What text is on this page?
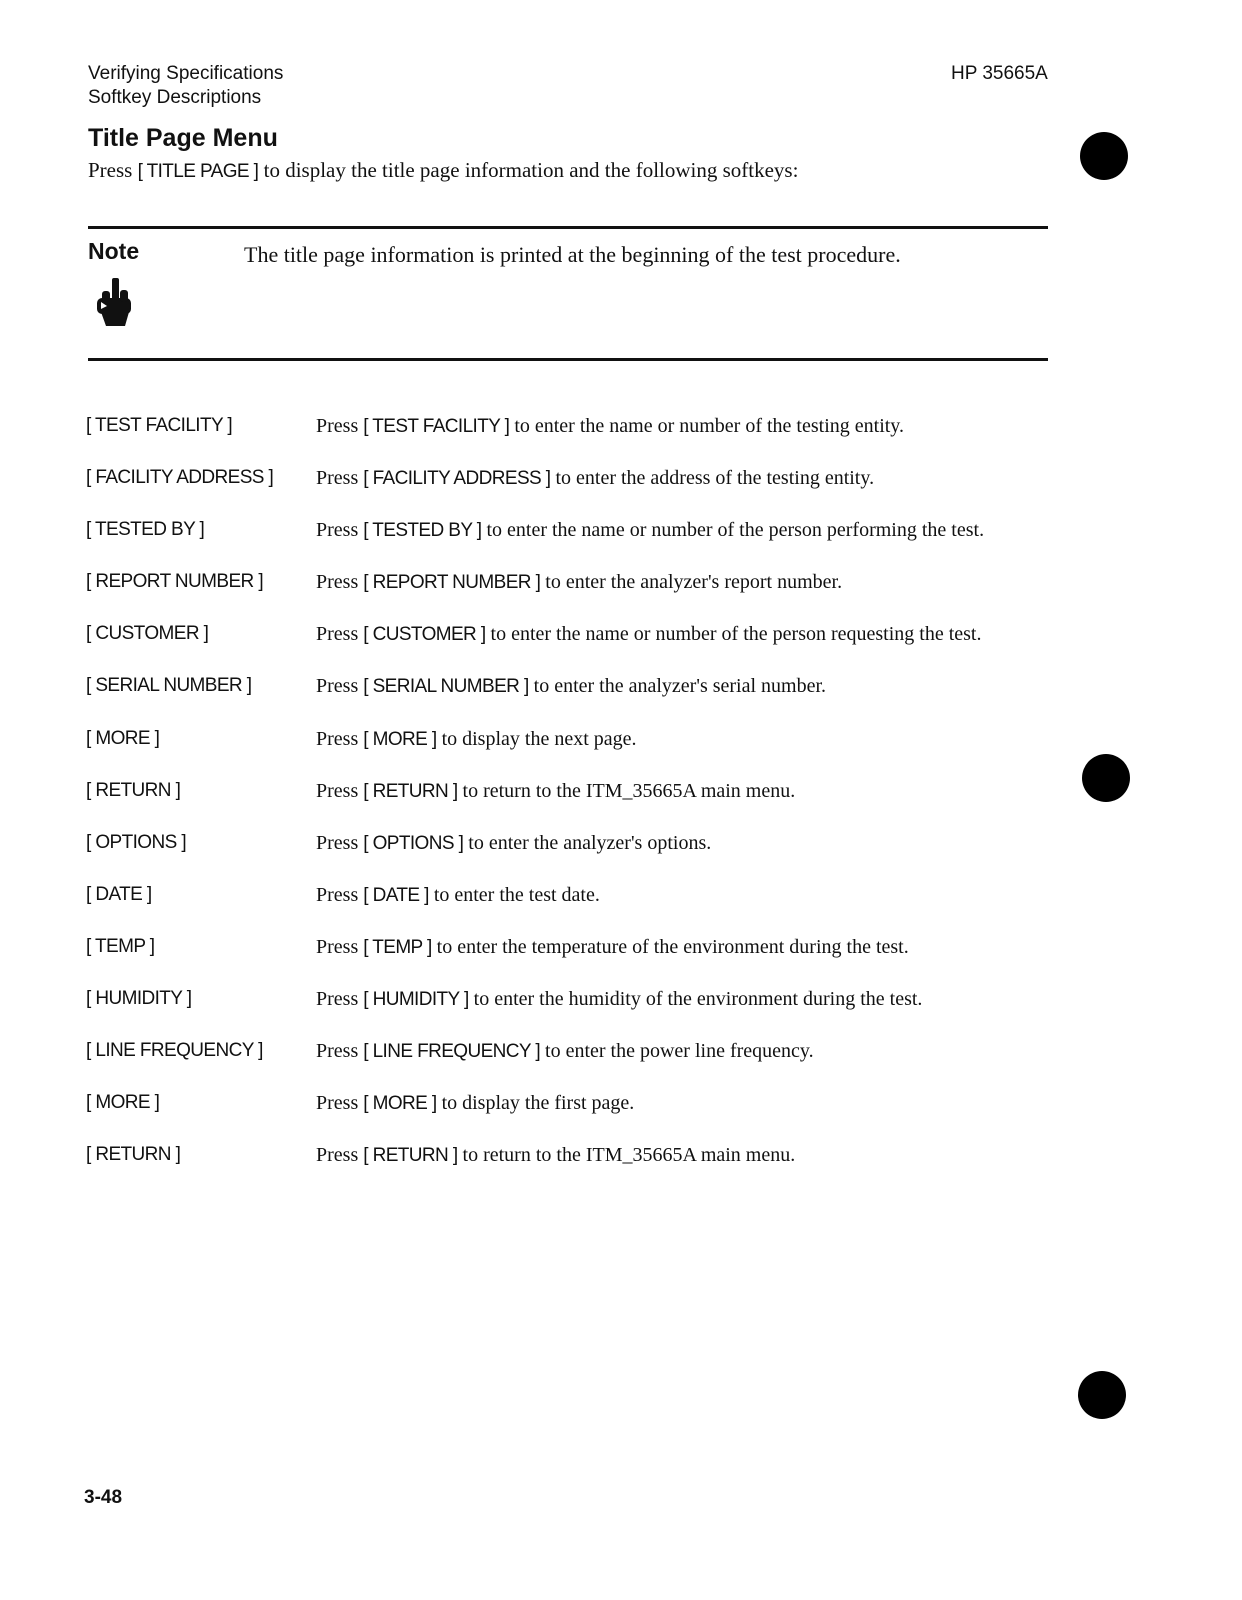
Verifying Specifications
Softkey Descriptions
HP 35665A
Title Page Menu
Press [ TITLE PAGE ] to display the title page information and the following softkeys:
Note	The title page information is printed at the beginning of the test procedure.
[ TEST FACILITY ]	Press [ TEST FACILITY ] to enter the name or number of the testing entity.
[ FACILITY ADDRESS ] Press [ FACILITY ADDRESS ] to enter the address of the testing entity.
[ TESTED BY ]	Press [ TESTED BY ] to enter the name or number of the person performing the test.
[ REPORT NUMBER ]	Press [ REPORT NUMBER ] to enter the analyzer's report number.
[ CUSTOMER ]	Press [ CUSTOMER ] to enter the name or number of the person requesting the test.
[ SERIAL NUMBER ]	Press [ SERIAL NUMBER ] to enter the analyzer's serial number.
[ MORE ]	Press [ MORE ] to display the next page.
[ RETURN ]	Press [ RETURN ] to return to the ITM_35665A main menu.
[ OPTIONS ]	Press [ OPTIONS ] to enter the analyzer's options.
[ DATE ]	Press [ DATE ] to enter the test date.
[ TEMP ]	Press [ TEMP ] to enter the temperature of the environment during the test.
[ HUMIDITY ]	Press [ HUMIDITY ] to enter the humidity of the environment during the test.
[ LINE FREQUENCY ]	Press [ LINE FREQUENCY ] to enter the power line frequency.
[ MORE ]	Press [ MORE ] to display the first page.
[ RETURN ]	Press [ RETURN ] to return to the ITM_35665A main menu.
3-48
